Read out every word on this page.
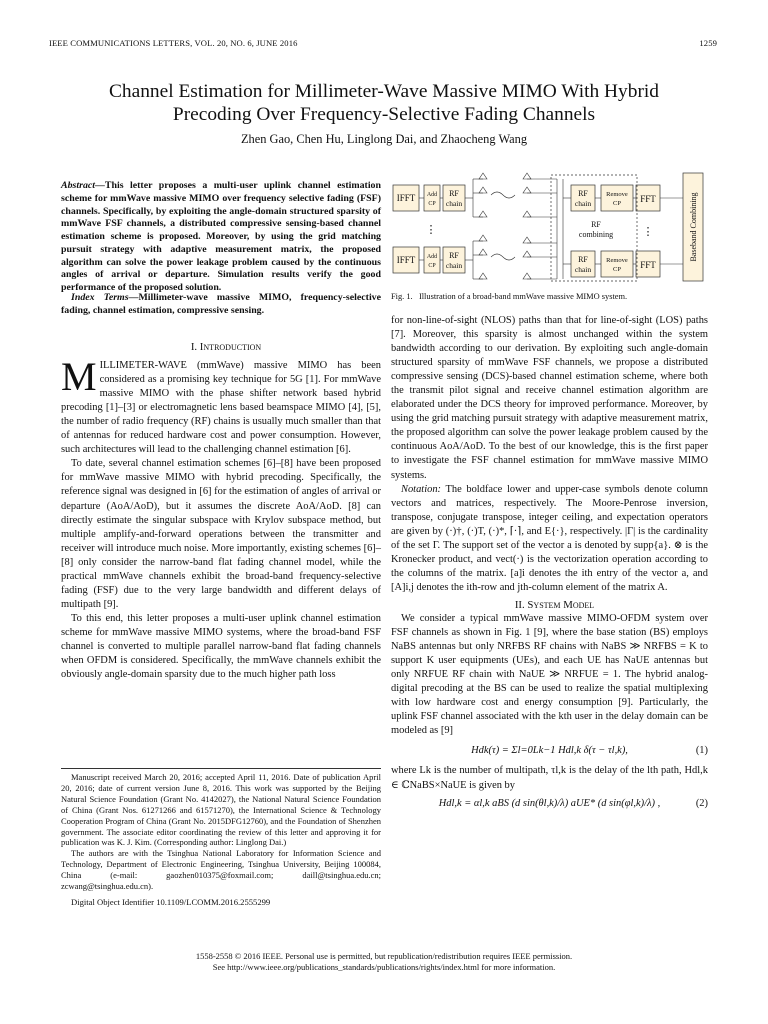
IEEE COMMUNICATIONS LETTERS, VOL. 20, NO. 6, JUNE 2016	1259
Channel Estimation for Millimeter-Wave Massive MIMO With Hybrid
Precoding Over Frequency-Selective Fading Channels
Zhen Gao, Chen Hu, Linglong Dai, and Zhaocheng Wang
Abstract—This letter proposes a multi-user uplink channel estimation scheme for mmWave massive MIMO over frequency selective fading (FSF) channels. Specifically, by exploiting the angle-domain structured sparsity of mmWave FSF channels, a distributed compressive sensing-based channel estimation scheme is proposed. Moreover, by using the grid matching pursuit strategy with adaptive measurement matrix, the proposed algorithm can solve the power leakage problem caused by the continuous angles of arrival or departure. Simulation results verify the good performance of the proposed solution.
Index Terms—Millimeter-wave massive MIMO, frequency-selective fading, channel estimation, compressive sensing.

I. Introduction

MILLIMETER-WAVE (mmWave) massive MIMO has been considered as a promising key technique for 5G [1]. For mmWave massive MIMO with the phase shifter network based hybrid precoding [1]–[3] or electromagnetic lens based beamspace MIMO [4], [5], the number of radio frequency (RF) chains is usually much smaller than that of antennas for reduced hardware cost and power consumption. However, such architectures will lead to the challenging channel estimation [6].

To date, several channel estimation schemes [6]–[8] have been proposed for mmWave massive MIMO with hybrid precoding. Specifically, the reference signal was designed in [6] for the estimation of angles of arrival or departure (AoA/AoD), but it assumes the discrete AoA/AoD. [8] can directly estimate the singular subspace with Krylov subspace method, but multiple amplify-and-forward operations between the transmitter and receiver will introduce much noise. More importantly, existing schemes [6]–[8] only consider the narrow-band flat fading channel model, while the practical mmWave channels exhibit the broad-band frequency-selective fading (FSF) due to the very large bandwidth and different delays of multipath [9].

To this end, this letter proposes a multi-user uplink channel estimation scheme for mmWave massive MIMO systems, where the broad-band FSF channel is converted to multiple parallel narrow-band flat fading channels when OFDM is considered. Specifically, the mmWave channels exhibit the obviously angle-domain sparsity due to the much higher path loss

Manuscript received March 20, 2016; accepted April 11, 2016. Date of publication April 20, 2016; date of current version June 8, 2016. This work was supported by the Beijing Natural Science Foundation (Grant No. 4142027), the National Natural Science Foundation of China (Grant Nos. 61271266 and 61571270), the International Science & Technology Cooperation Program of China (Grant No. 2015DFG12760), and the Foundation of Shenzhen government. The associate editor coordinating the review of this letter and approving it for publication was K. J. Kim. (Corresponding author: Linglong Dai.)

The authors are with the Tsinghua National Laboratory for Information Science and Technology, Department of Electronic Engineering, Tsinghua University, Beijing 100084, China (e-mail: gaozhen010375@foxmail.com; daill@tsinghua.edu.cn; zcwang@tsinghua.edu.cn).

Digital Object Identifier 10.1109/LCOMM.2016.2555299
IFFT Add
CP
RF
chain
IFFT Add
CP
RF
chain
⋮
RF
chain
Remove
CP FFT
RF
chain
Remove
CP FFT
RF
combining	⋮	Baseband Combining
Fig. 1. Illustration of a broad-band mmWave massive MIMO system.

for non-line-of-sight (NLOS) paths than that for line-of-sight (LOS) paths [7]. Moreover, this sparsity is almost unchanged within the system bandwidth according to our derivation. By exploiting such angle-domain structured sparsity of mmWave FSF channels, we propose a distributed compressive sensing (DCS)-based channel estimation scheme, where both the transmit pilot signal and receive channel estimation algorithm are elaborated under the DCS theory for improved performance. Moreover, by using the grid matching pursuit strategy with adaptive measurement matrix, the proposed algorithm can solve the power leakage problem caused by the continuous AoA/AoD. To the best of our knowledge, this is the first paper to investigate the FSF channel estimation for mmWave massive MIMO systems.

Notation: The boldface lower and upper-case symbols denote column vectors and matrices, respectively. The Moore-Penrose inversion, transpose, conjugate transpose, integer ceiling, and expectation operators are given by (·)†, (·)T, (·)*, ⌈·⌉, and E{·}, respectively. |Γ| is the cardinality of the set Γ. The support set of the vector a is denoted by supp{a}. ⊗ is the Kronecker product, and vect(·) is the vectorization operation according to the columns of the matrix. [a]i denotes the ith entry of the vector a, and [A]i,j denotes the ith-row and jth-column element of the matrix A.

II. System Model

We consider a typical mmWave massive MIMO-OFDM system over FSF channels as shown in Fig. 1 [9], where the base station (BS) employs NaBS antennas but only NRFBS RF chains with NaBS ≫ NRFBS = K to support K user equipments (UEs), and each UE has NaUE antennas but only NRFUE RF chain with NaUE ≫ NRFUE = 1. The hybrid analog-digital precoding at the BS can be used to realize the spatial multiplexing with low hardware cost and energy consumption [9]. Particularly, the uplink FSF channel associated with the kth user in the delay domain can be modeled as [9]

Hdk(τ) = Σl=0Lk−1 Hdl,k δ(τ − τl,k),	(1)

where Lk is the number of multipath, τl,k is the delay of the lth path, Hdl,k ∈ ℂNaBS×NaUE is given by

Hdl,k = αl,k aBS (d sin(θl,k)/λ) aUE* (d sin(φl,k)/λ) ,	(2)
1558-2558 © 2016 IEEE. Personal use is permitted, but republication/redistribution requires IEEE permission.
See http://www.ieee.org/publications_standards/publications/rights/index.html for more information.
